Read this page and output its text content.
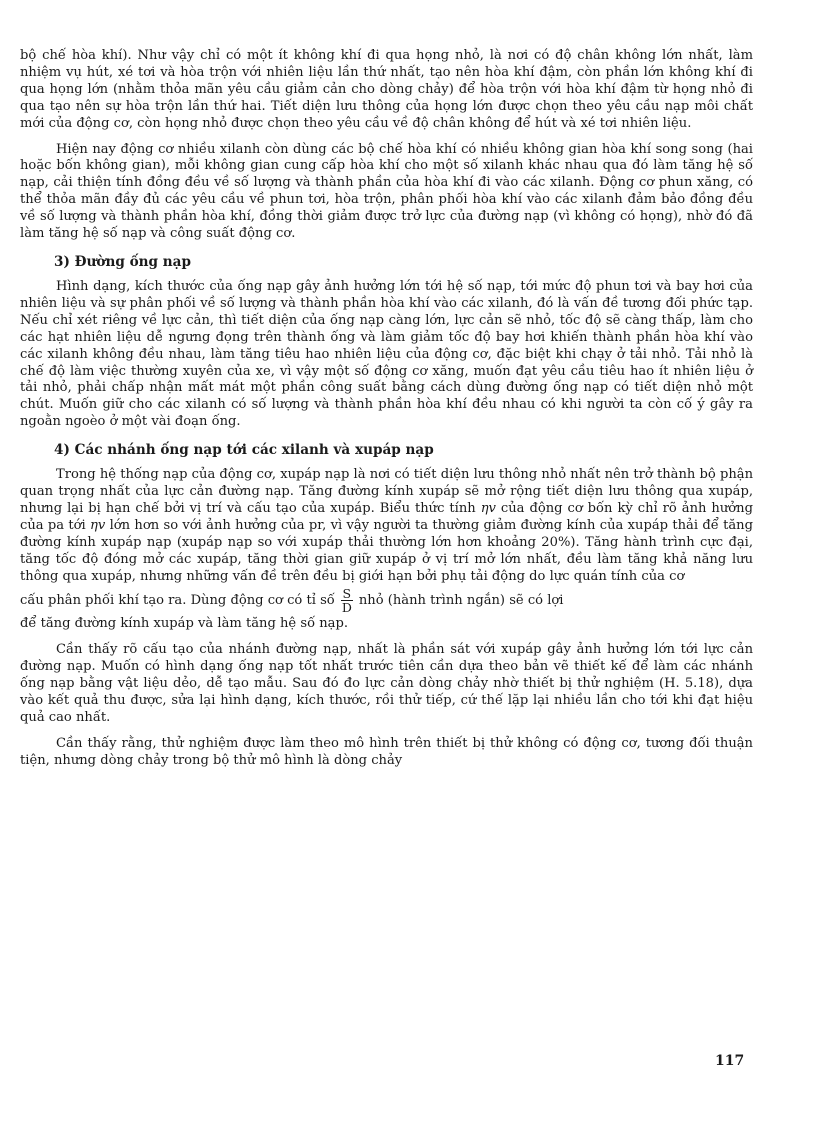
bộ chế hòa khí). Như vậy chỉ có một ít không khí đi qua họng nhỏ, là nơi có độ chân không lớn nhất, làm nhiệm vụ hút, xé tơi và hòa trộn với nhiên liệu lần thứ nhất, tạo nên hòa khí đậm, còn phần lớn không khí đi qua họng lớn (nhằm thỏa mãn yêu cầu giảm cản cho dòng chảy) để hòa trộn với hòa khí đậm từ họng nhỏ đi qua tạo nên sự hòa trộn lần thứ hai. Tiết diện lưu thông của họng lớn được chọn theo yêu cầu nạp môi chất mới của động cơ, còn họng nhỏ được chọn theo yêu cầu về độ chân không để hút và xé tơi nhiên liệu.

Hiện nay động cơ nhiều xilanh còn dùng các bộ chế hòa khí có nhiều không gian hòa khí song song (hai hoặc bốn không gian), mỗi không gian cung cấp hòa khí cho một số xilanh khác nhau qua đó làm tăng hệ số nạp, cải thiện tính đồng đều về số lượng và thành phần của hòa khí đi vào các xilanh. Động cơ phun xăng, có thể thỏa mãn đầy đủ các yêu cầu về phun tơi, hòa trộn, phân phối hòa khí vào các xilanh đảm bảo đồng đều về số lượng và thành phần hòa khí, đồng thời giảm được trở lực của đường nạp (vì không có họng), nhờ đó đã làm tăng hệ số nạp và công suất động cơ.

3) Đường ống nạp

Hình dạng, kích thước của ống nạp gây ảnh hưởng lớn tới hệ số nạp, tới mức độ phun tơi và bay hơi của nhiên liệu và sự phân phối về số lượng và thành phần hòa khí vào các xilanh, đó là vấn đề tương đối phức tạp. Nếu chỉ xét riêng về lực cản, thì tiết diện của ống nạp càng lớn, lực cản sẽ nhỏ, tốc độ sẽ càng thấp, làm cho các hạt nhiên liệu dễ ngưng đọng trên thành ống và làm giảm tốc độ bay hơi khiến thành phần hòa khí vào các xilanh không đều nhau, làm tăng tiêu hao nhiên liệu của động cơ, đặc biệt khi chạy ở tải nhỏ. Tải nhỏ là chế độ làm việc thường xuyên của xe, vì vậy một số động cơ xăng, muốn đạt yêu cầu tiêu hao ít nhiên liệu ở tải nhỏ, phải chấp nhận mất mát một phần công suất bằng cách dùng đường ống nạp có tiết diện nhỏ một chút. Muốn giữ cho các xilanh có số lượng và thành phần hòa khí đều nhau có khi người ta còn cố ý gây ra ngoằn ngoèo ở một vài đoạn ống.

4) Các nhánh ống nạp tới các xilanh và xupáp nạp

Trong hệ thống nạp của động cơ, xupáp nạp là nơi có tiết diện lưu thông nhỏ nhất nên trở thành bộ phận quan trọng nhất của lực cản đường nạp. Tăng đường kính xupáp sẽ mở rộng tiết diện lưu thông qua xupáp, nhưng lại bị hạn chế bởi vị trí và cấu tạo của xupáp. Biểu thức tính ηv của động cơ bốn kỳ chỉ rõ ảnh hưởng của pa tới ηv lớn hơn so với ảnh hưởng của pr, vì vậy người ta thường giảm đường kính của xupáp thải để tăng đường kính xupáp nạp (xupáp nạp so với xupáp thải thường lớn hơn khoảng 20%). Tăng hành trình cực đại, tăng tốc độ đóng mở các xupáp, tăng thời gian giữ xupáp ở vị trí mở lớn nhất, đều làm tăng khả năng lưu thông qua xupáp, nhưng những vấn đề trên đều bị giới hạn bởi phụ tải động do lực quán tính của cơ

cấu phân phối khí tạo ra. Dùng động cơ có tỉ số $\frac{S}{D}$ nhỏ (hành trình ngắn) sẽ có lợi

để tăng đường kính xupáp và làm tăng hệ số nạp.

Cần thấy rõ cấu tạo của nhánh đường nạp, nhất là phần sát với xupáp gây ảnh hưởng lớn tới lực cản đường nạp. Muốn có hình dạng ống nạp tốt nhất trước tiên cần dựa theo bản vẽ thiết kế để làm các nhánh ống nạp bằng vật liệu dẻo, dễ tạo mẫu. Sau đó đo lực cản dòng chảy nhờ thiết bị thử nghiệm (H. 5.18), dựa vào kết quả thu được, sửa lại hình dạng, kích thước, rồi thử tiếp, cứ thế lặp lại nhiều lần cho tới khi đạt hiệu quả cao nhất.

Cần thấy rằng, thử nghiệm được làm theo mô hình trên thiết bị thử không có động cơ, tương đối thuận tiện, nhưng dòng chảy trong bộ thử mô hình là dòng chảy

117
